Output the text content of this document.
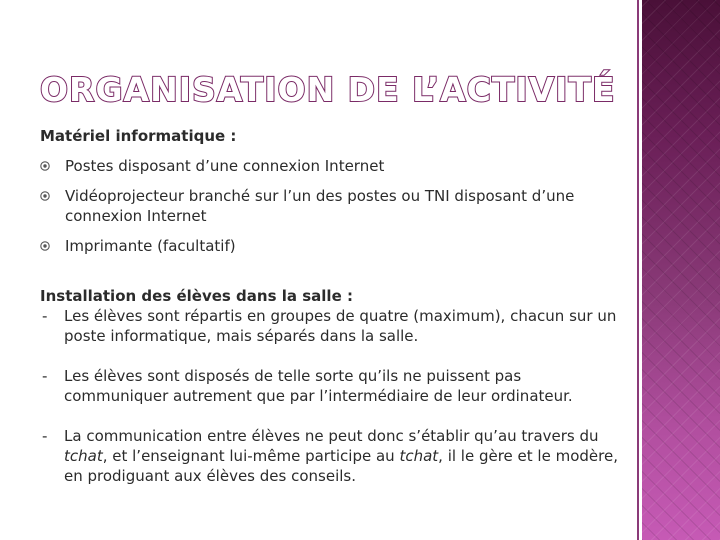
ORGANISATION DE L’ACTIVITÉ

Matériel informatique :

Postes disposant d’une connexion Internet
Vidéoprojecteur branché sur l’un des postes ou TNI disposant d’une connexion Internet
Imprimante (facultatif)

Installation des élèves dans la salle :

- Les élèves sont répartis en groupes de quatre (maximum), chacun sur un poste informatique, mais séparés dans la salle.
- Les élèves sont disposés de telle sorte qu’ils ne puissent pas communiquer autrement que par l’intermédiaire de leur ordinateur.
- La communication entre élèves ne peut donc s’établir qu’au travers du tchat, et l’enseignant lui-même participe au tchat, il le gère et le modère, en prodiguant aux élèves des conseils.
